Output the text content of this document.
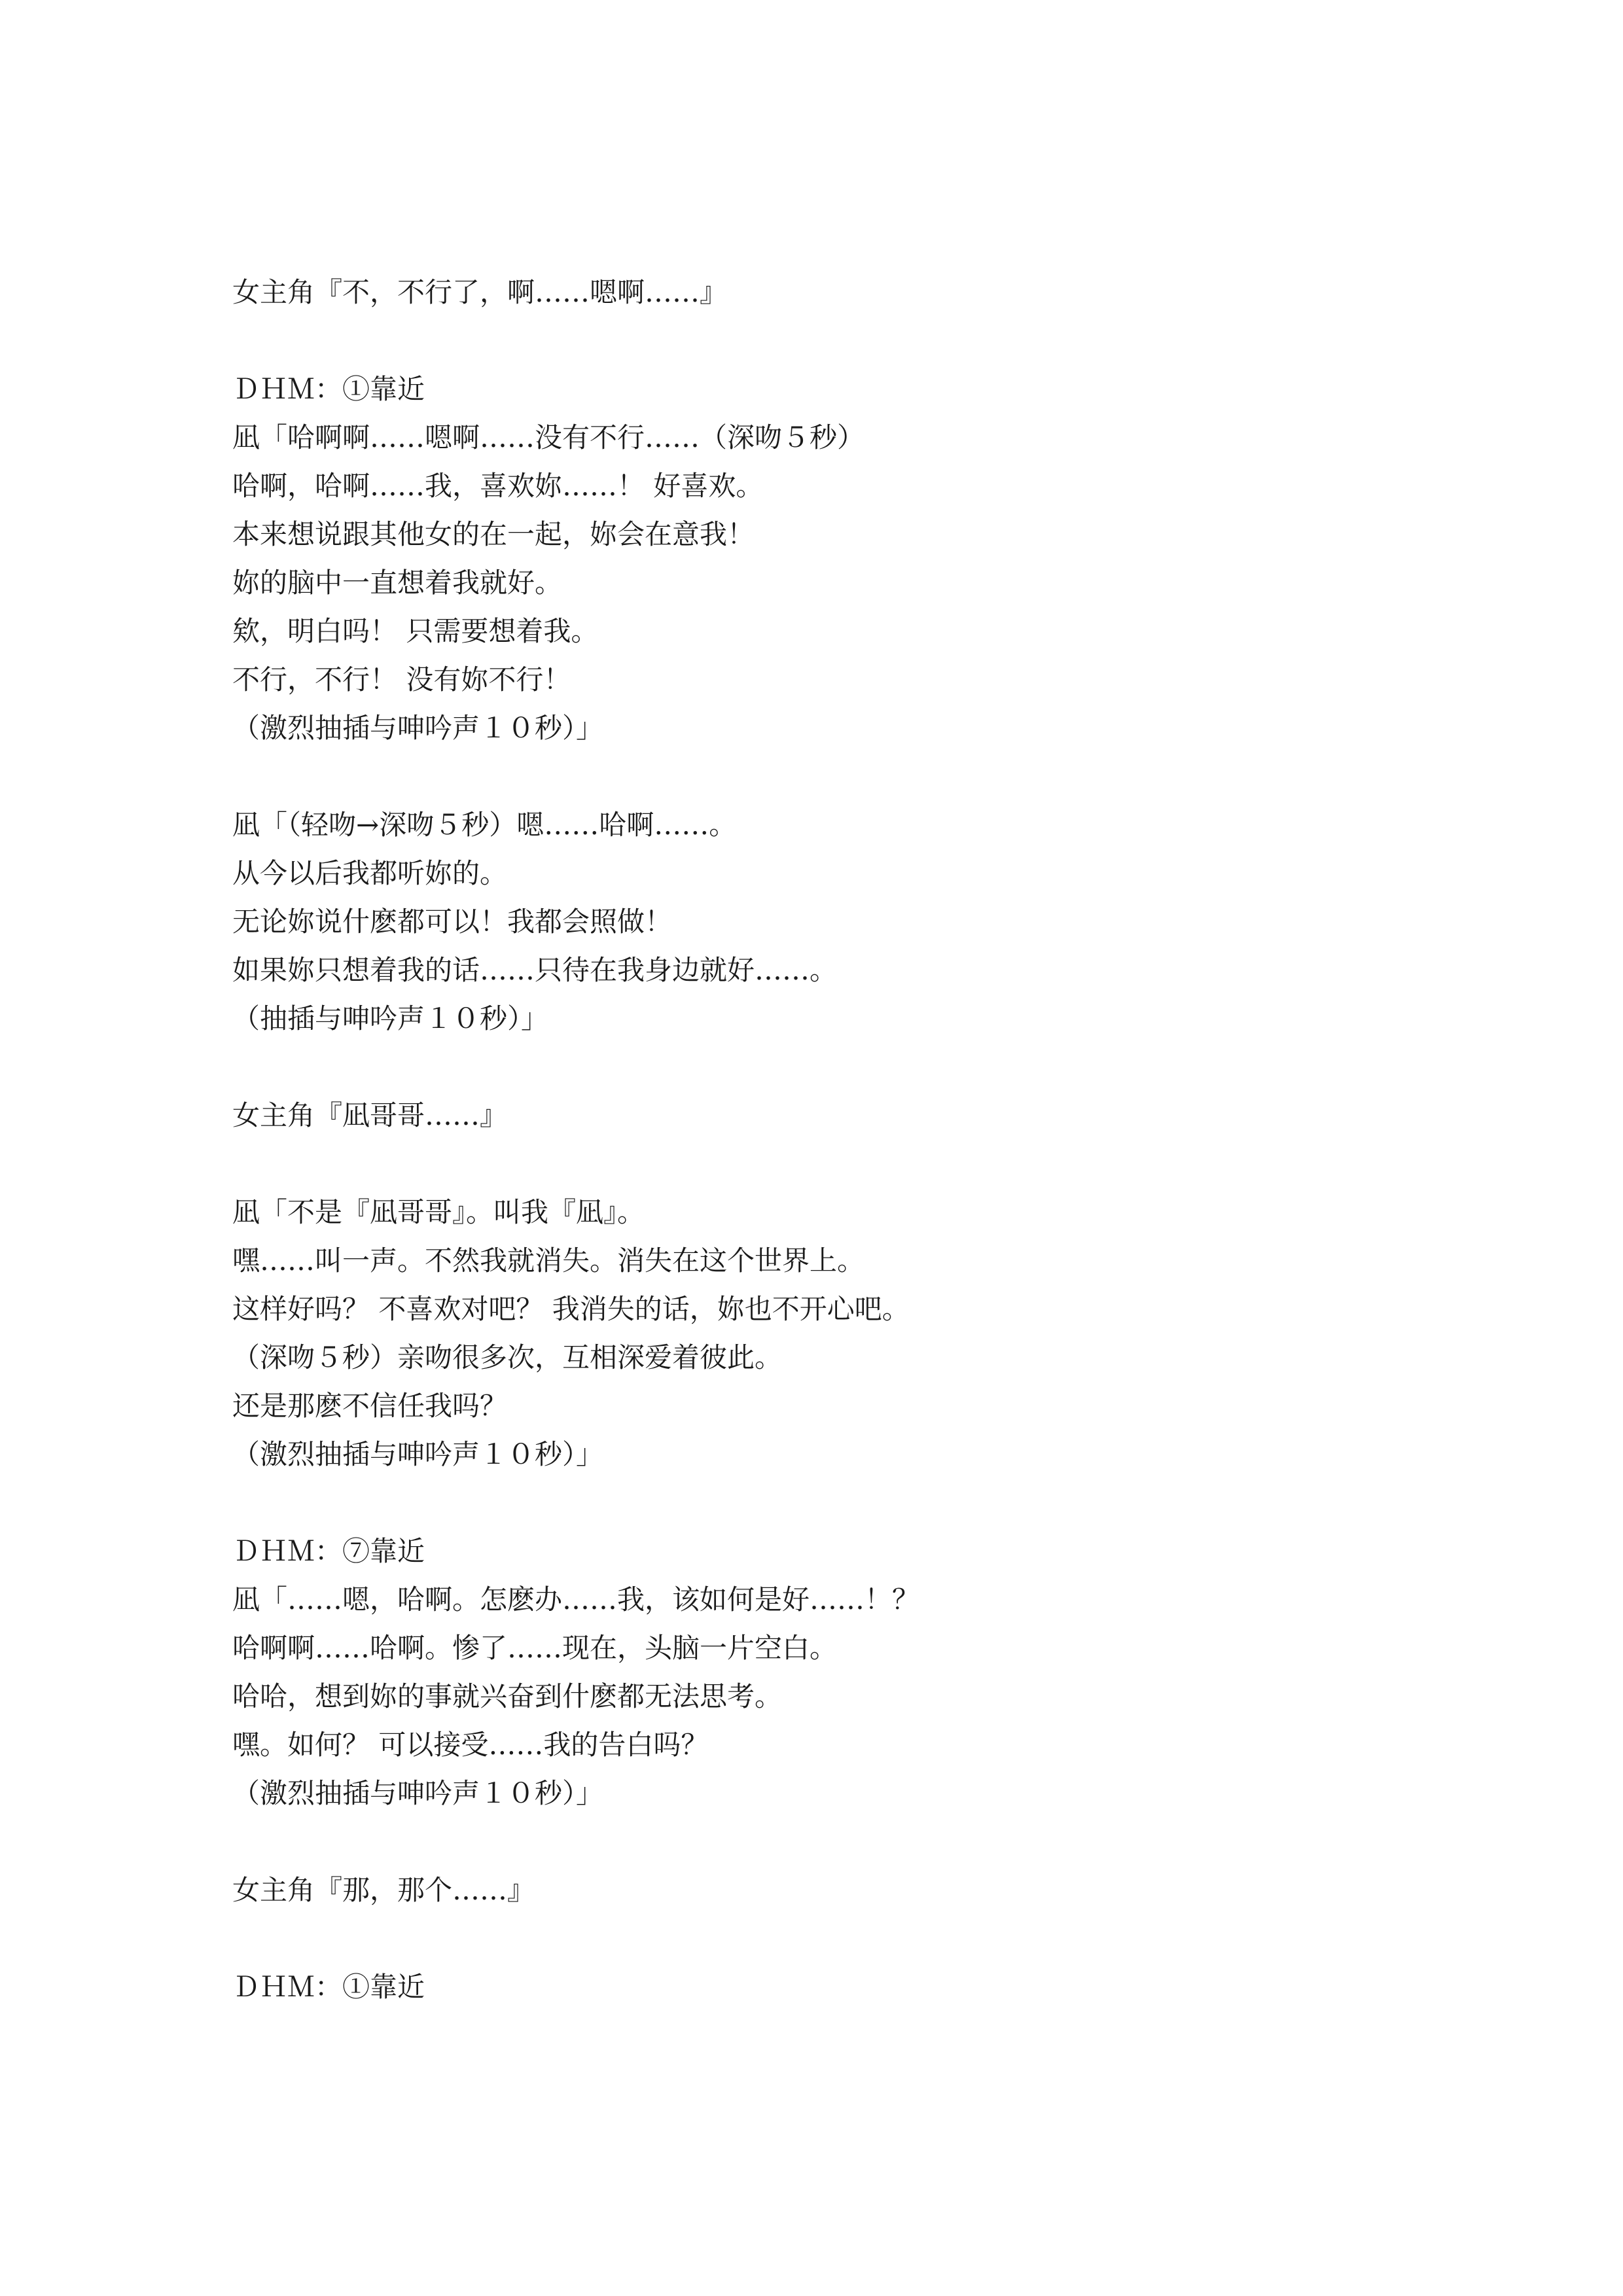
女主角『不，不行了，啊……嗯啊……』
ＤＨＭ：①靠近
凪「哈啊啊……嗯啊……没有不行……（深吻５秒）
哈啊，哈啊……我，喜欢妳……！ 好喜欢。
本来想说跟其他女的在一起，妳会在意我！
妳的脑中一直想着我就好。
欸，明白吗！ 只需要想着我。
不行，不行！ 没有妳不行！
（激烈抽插与呻吟声１０秒）」
凪「（轻吻→深吻５秒）嗯……哈啊……。
从今以后我都听妳的。
无论妳说什麽都可以！我都会照做！
如果妳只想着我的话……只待在我身边就好……。
（抽插与呻吟声１０秒）」
女主角『凪哥哥……』
凪「不是『凪哥哥』。叫我『凪』。
嘿……叫一声。不然我就消失。消失在这个世界上。
这样好吗？ 不喜欢对吧？ 我消失的话，妳也不开心吧。
（深吻５秒）亲吻很多次，互相深爱着彼此。
还是那麽不信任我吗？
（激烈抽插与呻吟声１０秒）」
ＤＨＭ：⑦靠近
凪「……嗯，哈啊。怎麽办……我，该如何是好……！？
哈啊啊……哈啊。惨了……现在，头脑一片空白。
哈哈，想到妳的事就兴奋到什麽都无法思考。
嘿。如何？ 可以接受……我的告白吗？
（激烈抽插与呻吟声１０秒）」
女主角『那，那个……』
ＤＨＭ：①靠近
